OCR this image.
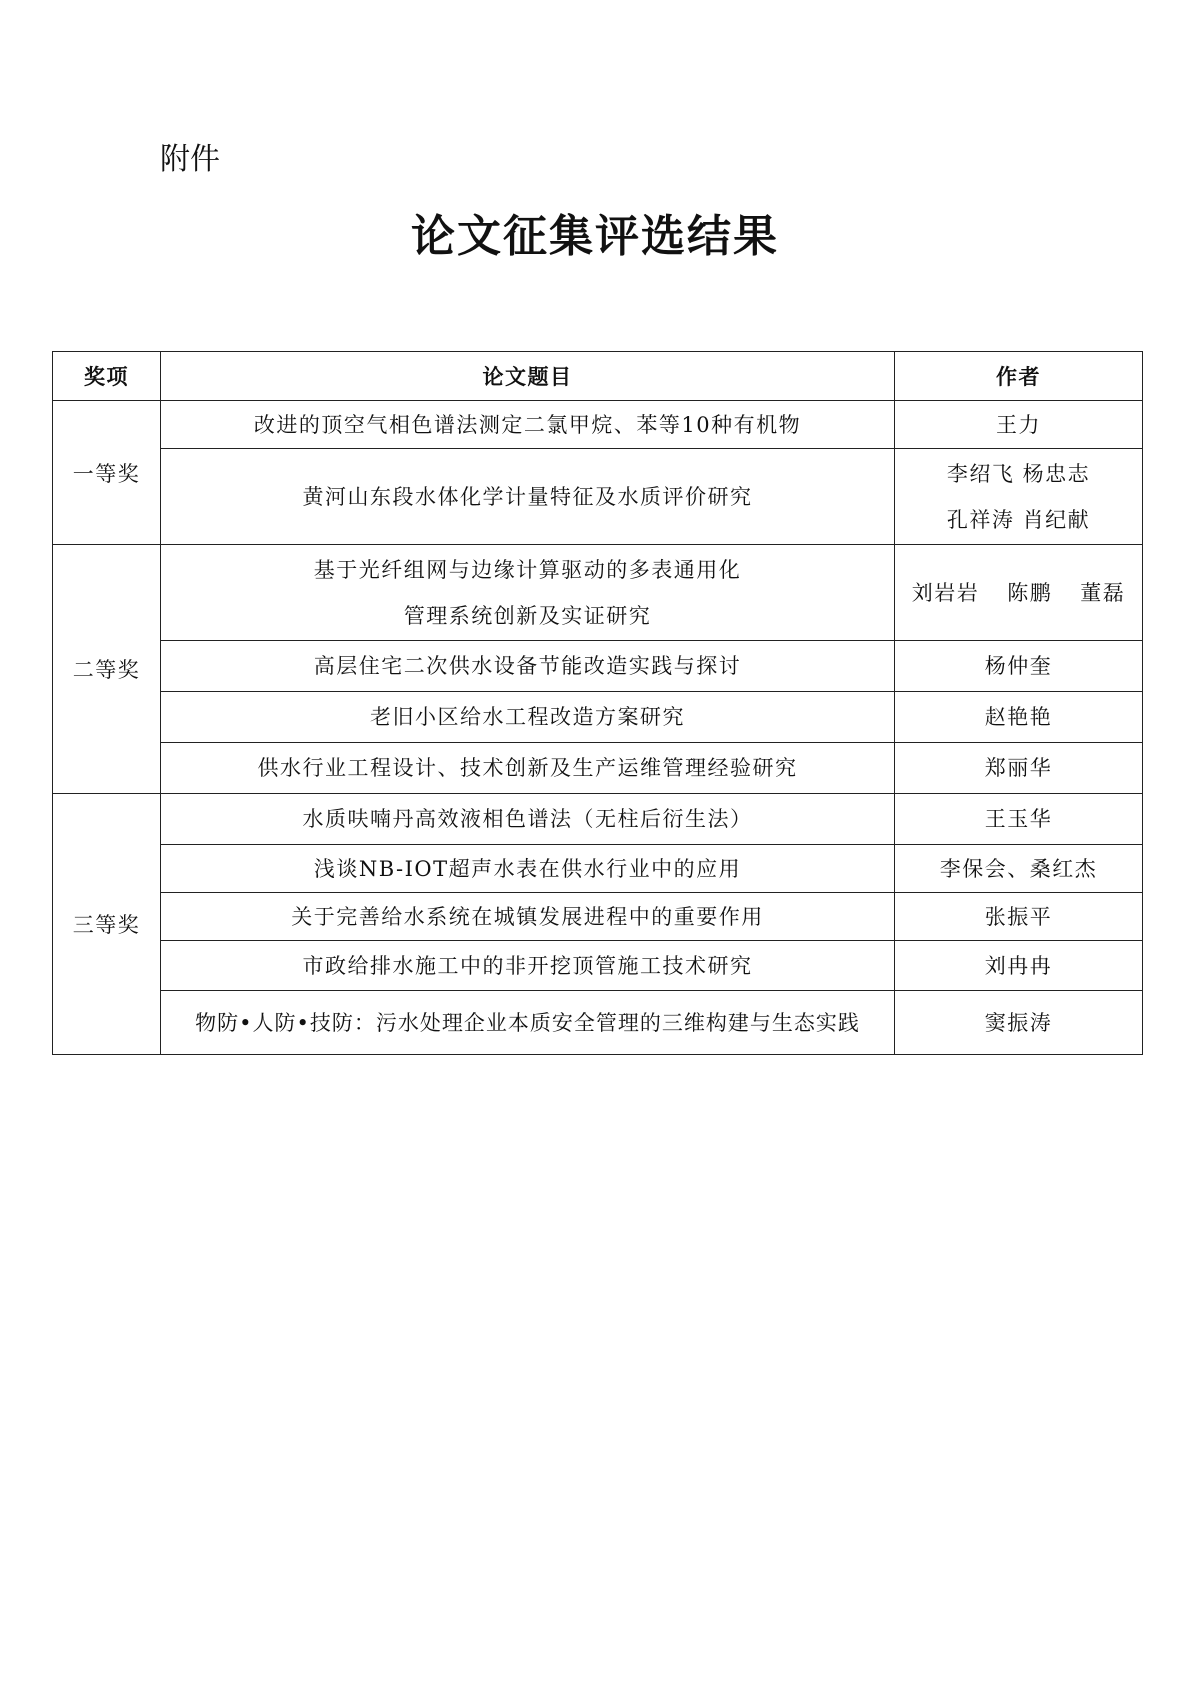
附件
论文征集评选结果
奖项	论文题目	作者
一等奖	改进的顶空气相色谱法测定二氯甲烷、苯等10种有机物	王力

	黄河山东段水体化学计量特征及水质评价研究	李绍飞 杨忠志
孔祥涛 肖纪献

二等奖	基于光纤组网与边缘计算驱动的多表通用化
管理系统创新及实证研究	刘岩岩 陈鹏 董磊

	高层住宅二次供水设备节能改造实践与探讨	杨仲奎

	老旧小区给水工程改造方案研究	赵艳艳

	供水行业工程设计、技术创新及生产运维管理经验研究	郑丽华

三等奖	水质呋喃丹高效液相色谱法（无柱后衍生法）	王玉华

	浅谈NB-IOT超声水表在供水行业中的应用	李保会、桑红杰

	关于完善给水系统在城镇发展进程中的重要作用	张振平

	市政给排水施工中的非开挖顶管施工技术研究	刘冉冉

	物防•人防•技防：污水处理企业本质安全管理的三维构建与生态实践	窦振涛
